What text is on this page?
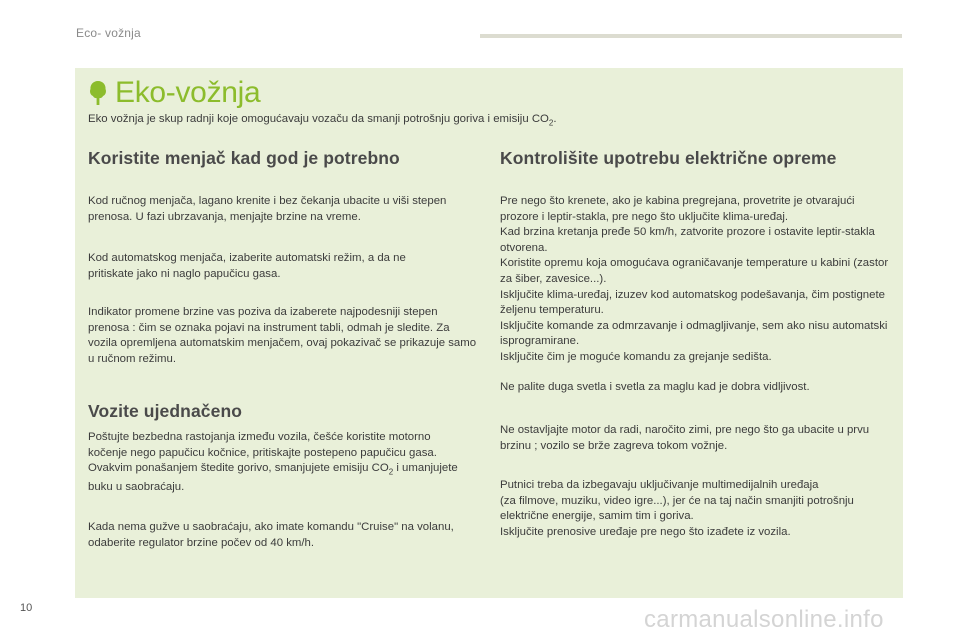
Eco- vožnja
Eko-vožnja
Eko vožnja je skup radnji koje omogućavaju vozaču da smanji potrošnju goriva i emisiju $CO_2$.
Koristite menjač kad god je potrebno

Kod ručnog menjača, lagano krenite i bez čekanja ubacite u viši stepen prenosa. U fazi ubrzavanja, menjajte brzine na vreme.

Kod automatskog menjača, izaberite automatski režim, a da ne pritiskate jako ni naglo papučicu gasa.

Indikator promene brzine vas poziva da izaberete najpodesniji stepen prenosa : čim se oznaka pojavi na instrument tabli, odmah je sledite. Za vozila opremljena automatskim menjačem, ovaj pokazivač se prikazuje samo u ručnom režimu.

Vozite ujednačeno

Poštujte bezbedna rastojanja između vozila, češće koristite motorno kočenje nego papučicu kočnice, pritiskajte postepeno papučicu gasa. Ovakvim ponašanjem štedite gorivo, smanjujete emisiju $CO_2$ i umanjujete buku u saobraćaju.

Kada nema gužve u saobraćaju, ako imate komandu "Cruise" na volanu, odaberite regulator brzine počev od 40 km/h.

Kontrolišite upotrebu električne opreme

Pre nego što krenete, ako je kabina pregrejana, provetrite je otvarajući prozore i leptir-stakla, pre nego što uključite klima-uređaj.
Kad brzina kretanja pređe 50 km/h, zatvorite prozore i ostavite leptir-stakla otvorena.
Koristite opremu koja omogućava ograničavanje temperature u kabini (zastor za šiber, zavesice...).
Isključite klima-uređaj, izuzev kod automatskog podešavanja, čim postignete željenu temperaturu.
Isključite komande za odmrzavanje i odmagljivanje, sem ako nisu automatski isprogramirane.
Isključite čim je moguće komandu za grejanje sedišta.

Ne palite duga svetla i svetla za maglu kad je dobra vidljivost.

Ne ostavljajte motor da radi, naročito zimi, pre nego što ga ubacite u prvu brzinu ; vozilo se brže zagreva tokom vožnje.

Putnici treba da izbegavaju uključivanje multimedijalnih uređaja
(za filmove, muziku, video igre...), jer će na taj način smanjiti potrošnju električne energije, samim tim i goriva.
Isključite prenosive uređaje pre nego što izađete iz vozila.

10	carmanualsonline.info
